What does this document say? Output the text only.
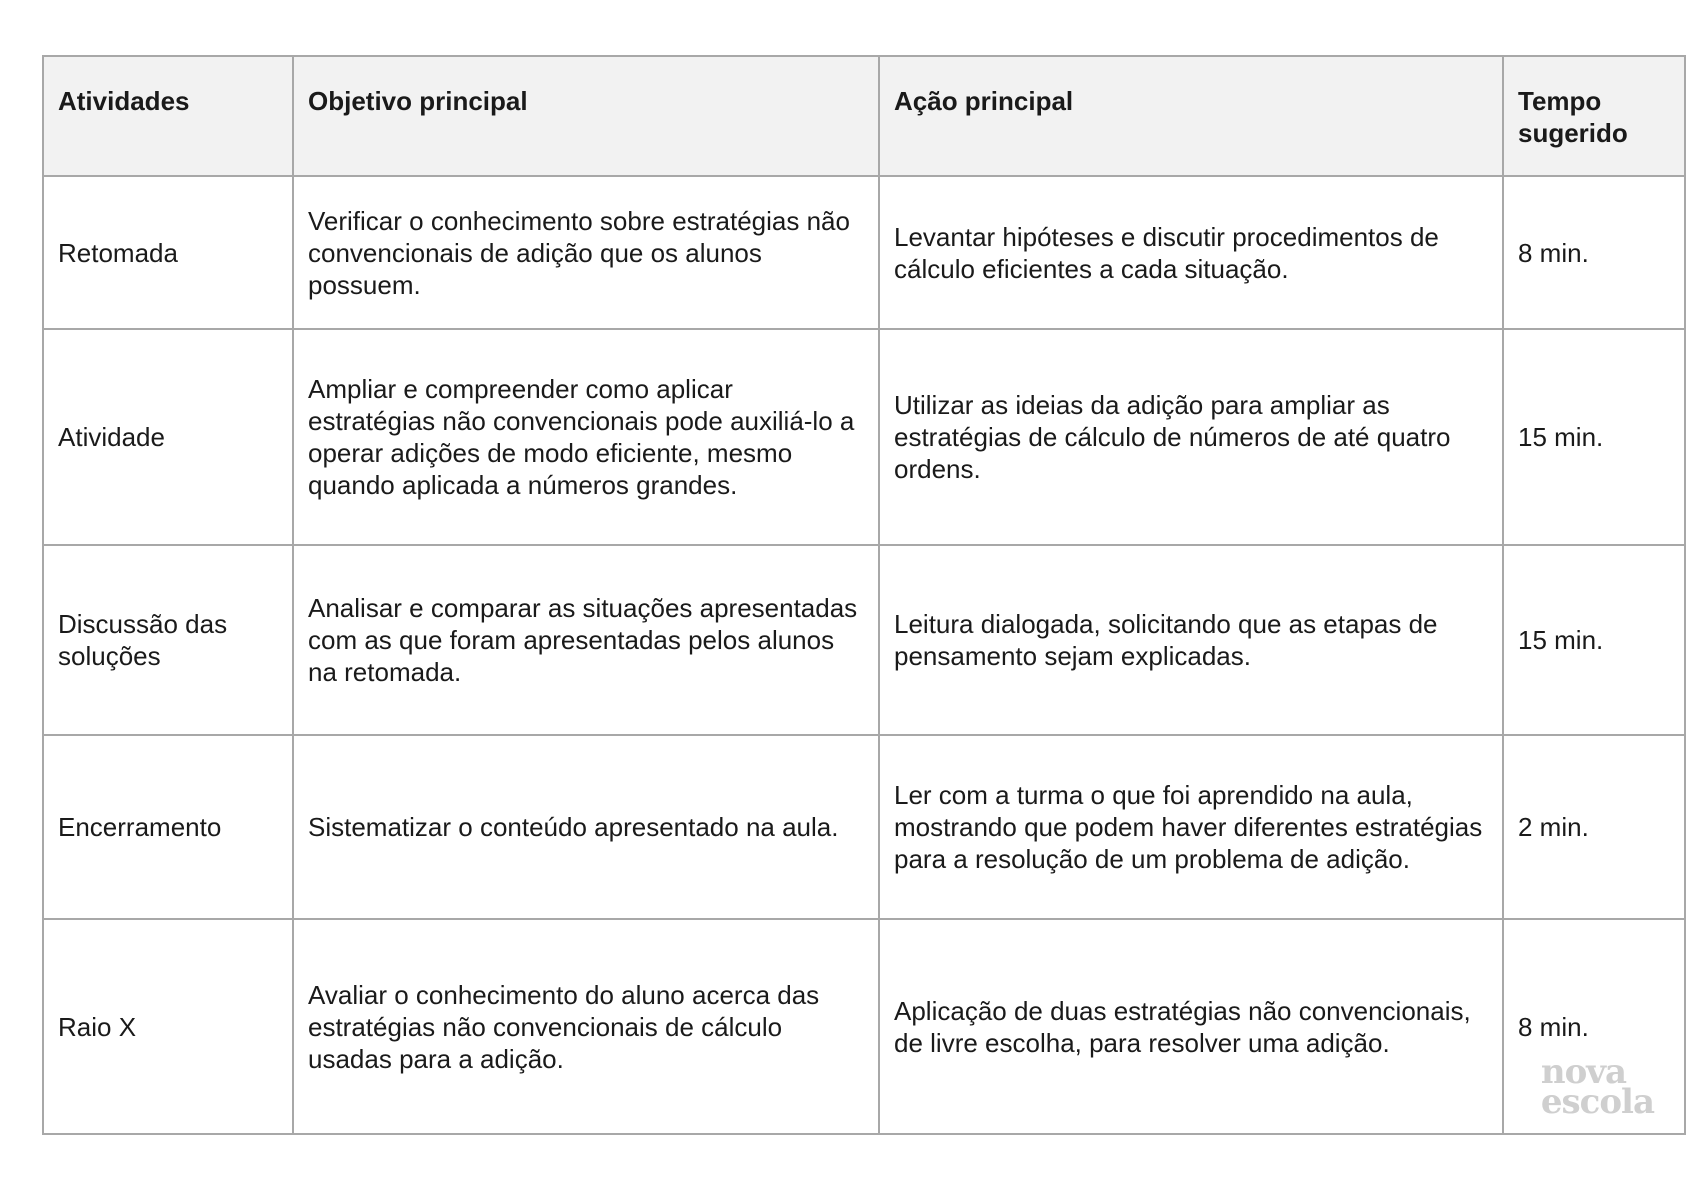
Atividades	Objetivo principal	Ação principal	Tempo sugerido
Retomada	Verificar o conhecimento sobre estratégias não convencionais de adição que os alunos possuem.	Levantar hipóteses e discutir procedimentos de cálculo eficientes a cada situação.	8 min.
Atividade	Ampliar e compreender como aplicar estratégias não convencionais pode auxiliá-lo a operar adições de modo eficiente, mesmo quando aplicada a números grandes.	Utilizar as ideias da adição para ampliar as estratégias de cálculo de números de até quatro ordens.	15 min.
Discussão das soluções	Analisar e comparar as situações apresentadas com as que foram apresentadas pelos alunos na retomada.	Leitura dialogada, solicitando que as etapas de pensamento sejam explicadas.	15 min.
Encerramento	Sistematizar o conteúdo apresentado na aula.	Ler com a turma o que foi aprendido na aula, mostrando que podem haver diferentes estratégias para a resolução de um problema de adição.	2 min.
Raio X	Avaliar o conhecimento do aluno acerca das estratégias não convencionais de cálculo usadas para a adição.	Aplicação de duas estratégias não convencionais, de livre escolha, para resolver uma adição.	8 min.
nova
escola
